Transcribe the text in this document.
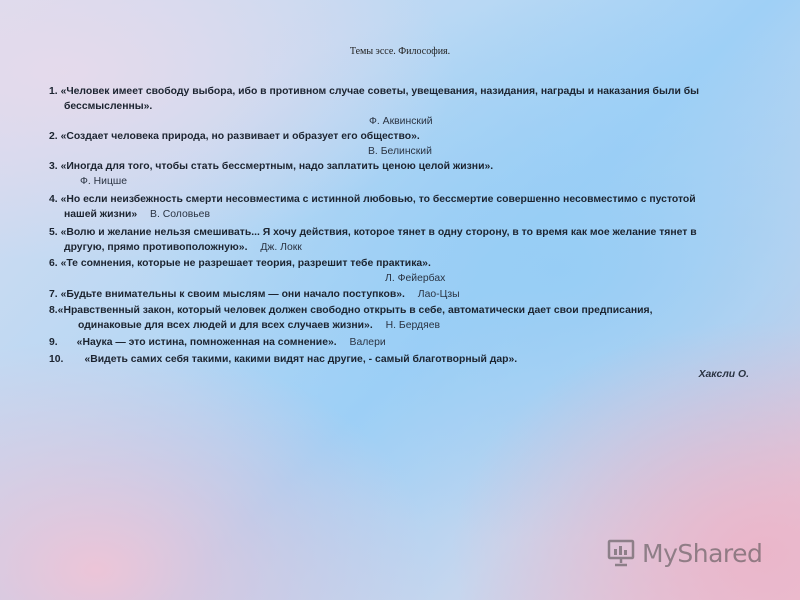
Темы эссе. Философия.
1. «Человек имеет свободу выбора, ибо в противном случае советы, увещевания, назидания, награды и наказания были бы
бессмысленны».
Ф. Аквинский
2. «Создает человека природа, но развивает и образует его общество».
В. Белинский
3. «Иногда для того, чтобы стать бессмертным, надо заплатить ценою целой жизни».
Ф. Ницше
4. «Но если неизбежность смерти несовместима с истинной любовью, то бессмертие совершенно несовместимо с пустотой
нашей жизни» В. Соловьев
5. «Волю и желание нельзя смешивать... Я хочу действия, которое тянет в одну сторону, в то время как мое желание тянет в
другую, прямо противоположную». Дж. Локк
6. «Те сомнения, которые не разрешает теория, разрешит тебе практика».
Л. Фейербах
7. «Будьте внимательны к своим мыслям — они начало поступков». Лао-Цзы
8.«Нравственный закон, который человек должен свободно открыть в себе, автоматически дает свои предписания,
одинаковые для всех людей и для всех случаев жизни». Н. Бердяев
9. «Наука — это истина, помноженная на сомнение». Валери
10. «Видеть самих себя такими, какими видят нас другие, - самый благотворный дар».
Хаксли О.
MyShared
